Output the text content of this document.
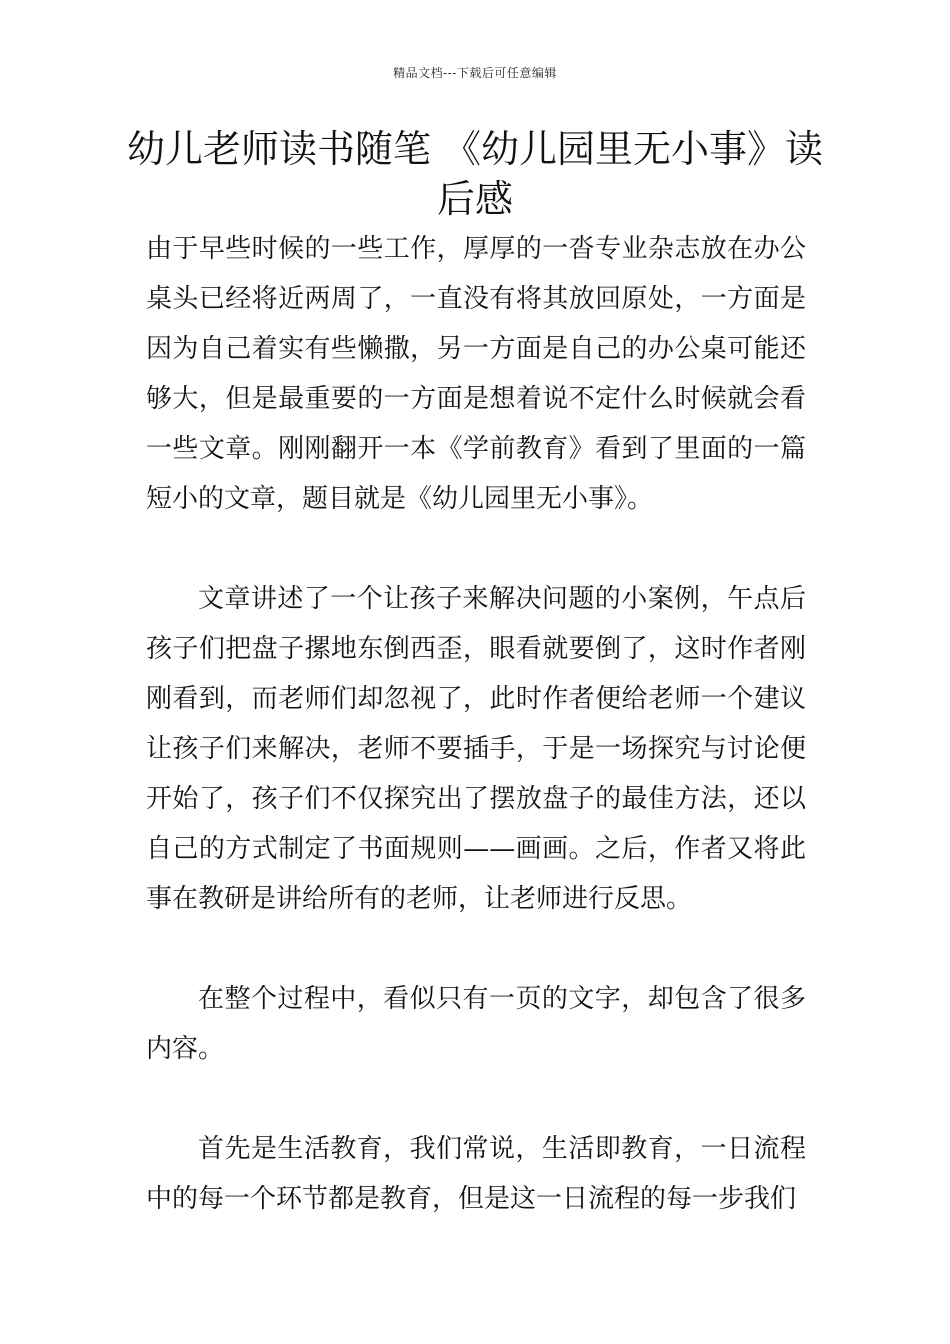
精品文档---下载后可任意编辑
幼儿老师读书随笔 《幼儿园里无小事》读后感

由于早些时候的一些工作，厚厚的一沓专业杂志放在办公桌头已经将近两周了，一直没有将其放回原处，一方面是因为自己着实有些懒撒，另一方面是自己的办公桌可能还够大，但是最重要的一方面是想着说不定什么时候就会看一些文章。刚刚翻开一本《学前教育》看到了里面的一篇短小的文章，题目就是《幼儿园里无小事》。

文章讲述了一个让孩子来解决问题的小案例，午点后孩子们把盘子摞地东倒西歪，眼看就要倒了，这时作者刚刚看到，而老师们却忽视了，此时作者便给老师一个建议让孩子们来解决，老师不要插手，于是一场探究与讨论便开始了，孩子们不仅探究出了摆放盘子的最佳方法，还以自己的方式制定了书面规则——画画。之后，作者又将此事在教研是讲给所有的老师，让老师进行反思。

在整个过程中，看似只有一页的文字，却包含了很多内容。

首先是生活教育，我们常说，生活即教育，一日流程中的每一个环节都是教育，但是这一日流程的每一步我们
